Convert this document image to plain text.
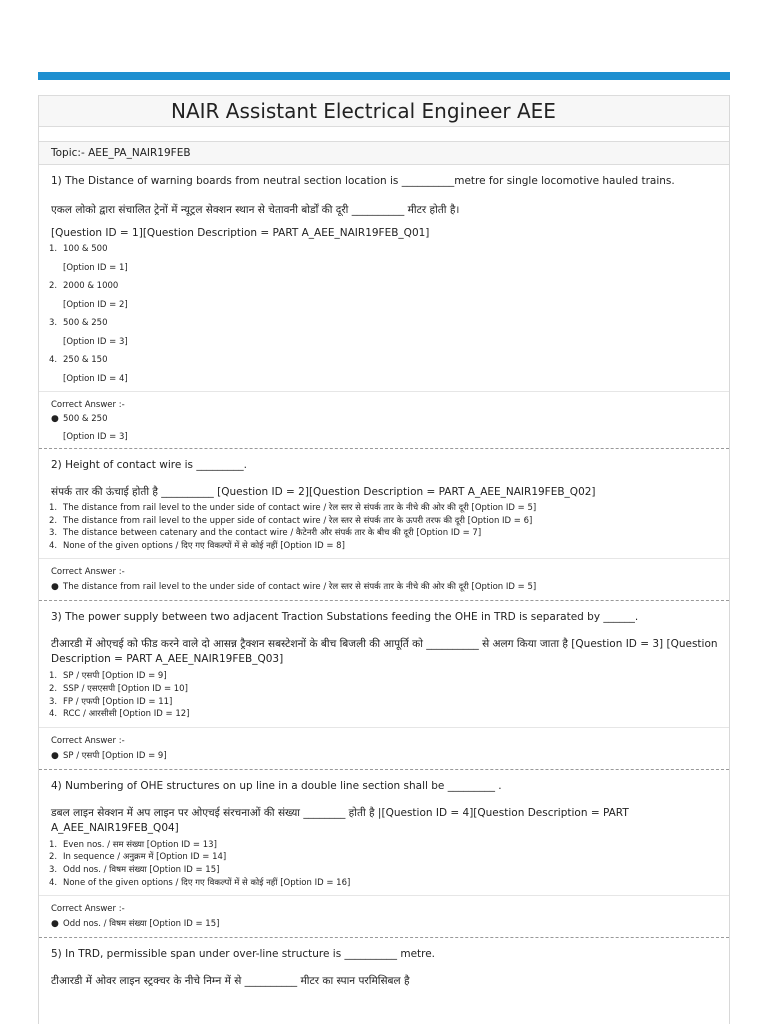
NAIR Assistant Electrical Engineer AEE
Topic:- AEE_PA_NAIR19FEB
1) The Distance of warning boards from neutral section location is __________metre for single locomotive hauled trains.
एकल लोको द्वारा संचालित ट्रेनों में न्यूट्रल सेक्शन स्थान से चेतावनी बोर्डों की दूरी __________ मीटर होती है।
[Question ID = 1][Question Description = PART A_AEE_NAIR19FEB_Q01]
1. 100 & 500
[Option ID = 1]
2. 2000 & 1000
[Option ID = 2]
3. 500 & 250
[Option ID = 3]
4. 250 & 150
[Option ID = 4]
Correct Answer :-
● 500 & 250
[Option ID = 3]
2) Height of contact wire is _________.
संपर्क तार की ऊंचाई होती है __________ [Question ID = 2][Question Description = PART A_AEE_NAIR19FEB_Q02]
1. The distance from rail level to the under side of contact wire / रेल स्तर से संपर्क तार के नीचे की ओर की दूरी [Option ID = 5]
2. The distance from rail level to the upper side of contact wire / रेल स्तर से संपर्क तार के ऊपरी तरफ की दूरी [Option ID = 6]
3. The distance between catenary and the contact wire / कैटेनरी और संपर्क तार के बीच की दूरी [Option ID = 7]
4. None of the given options / दिए गए विकल्पों में से कोई नहीं [Option ID = 8]
Correct Answer :-
● The distance from rail level to the under side of contact wire / रेल स्तर से संपर्क तार के नीचे की ओर की दूरी [Option ID = 5]
3) The power supply between two adjacent Traction Substations feeding the OHE in TRD is separated by ______.
टीआरडी में ओएचई को फीड करने वाले दो आसन्न ट्रैक्शन सबस्टेशनों के बीच बिजली की आपूर्ति को __________ से अलग किया जाता है [Question ID = 3] [Question Description = PART A_AEE_NAIR19FEB_Q03]
1. SP / एसपी [Option ID = 9]
2. SSP / एसएसपी [Option ID = 10]
3. FP / एफपी [Option ID = 11]
4. RCC / आरसीसी [Option ID = 12]
Correct Answer :-
● SP / एसपी [Option ID = 9]
4) Numbering of OHE structures on up line in a double line section shall be _________ .
डबल लाइन सेक्शन में अप लाइन पर ओएचई संरचनाओं की संख्या ________ होती है |[Question ID = 4][Question Description = PART A_AEE_NAIR19FEB_Q04]
1. Even nos. / सम संख्या [Option ID = 13]
2. In sequence / अनुक्रम में [Option ID = 14]
3. Odd nos. / विषम संख्या [Option ID = 15]
4. None of the given options / दिए गए विकल्पों में से कोई नहीं [Option ID = 16]
Correct Answer :-
● Odd nos. / विषम संख्या [Option ID = 15]
5) In TRD, permissible span under over-line structure is __________ metre.
टीआरडी में ओवर लाइन स्ट्रक्चर के नीचे निम्न में से __________ मीटर का स्पान परमिसिबल है
